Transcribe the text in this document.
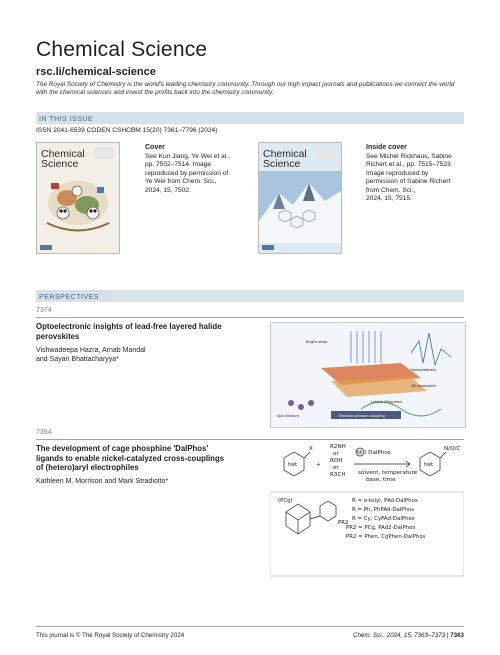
Chemical Science
rsc.li/chemical-science
The Royal Society of Chemistry is the world's leading chemistry community. Through our high impact journals and publications we connect the world with the chemical sciences and invest the profits back into the chemistry community.
IN THIS ISSUE
ISSN 2041-6539 CODEN CSHCBM 15(20) 7361–7796 (2024)
Chemical
Science
Cover
See Kun Jiang, Ye Wei et al.,
pp. 7502–7514. Image
reproduced by permission of
Ye Wei from Chem. Sci.,
2024, 15, 7502.
Chemical
Science
Inside cover
See Michel Rickhaus, Sabine
Richert et al., pp. 7515–7523.
Image reproduced by
permission of Sabine Richert
from Chem. Sci.,
2024, 15, 7515.
PERSPECTIVES
7374
Optoelectronic insights of lead-free layered halide
perovskites
Vishwadeepa Hazra, Arnab Mandal
and Sayan Bhattacharyya*
Bright-state
Nanoplatelets
2D perovskite
Spin texture
Lattice Distortion
Electron-phonon coupling
7394
The development of cage phosphine 'DalPhos'
ligands to enable nickel-catalyzed cross-couplings
of (hetero)aryl electrophiles
Kathleen M. Morrison and Mark Stradiotto*
het
X
+
R2NH
or
ROH
or
R3CH
Ni / DalPhos
solvent, temperature
base, time
het
N/O/C
(PCg)
PR2
R = o-tolyl, PAd-DalPhos
R = Ph, PhPAd-DalPhos
R = Cy, CyPAd-DalPhos
PR2 = PCg, PAd2-DalPhos
PR2 = Phen, CgPhen-DalPhos
This journal is © The Royal Society of Chemistry 2024	Chem. Sci., 2024, 15, 7363–7373 | 7363
